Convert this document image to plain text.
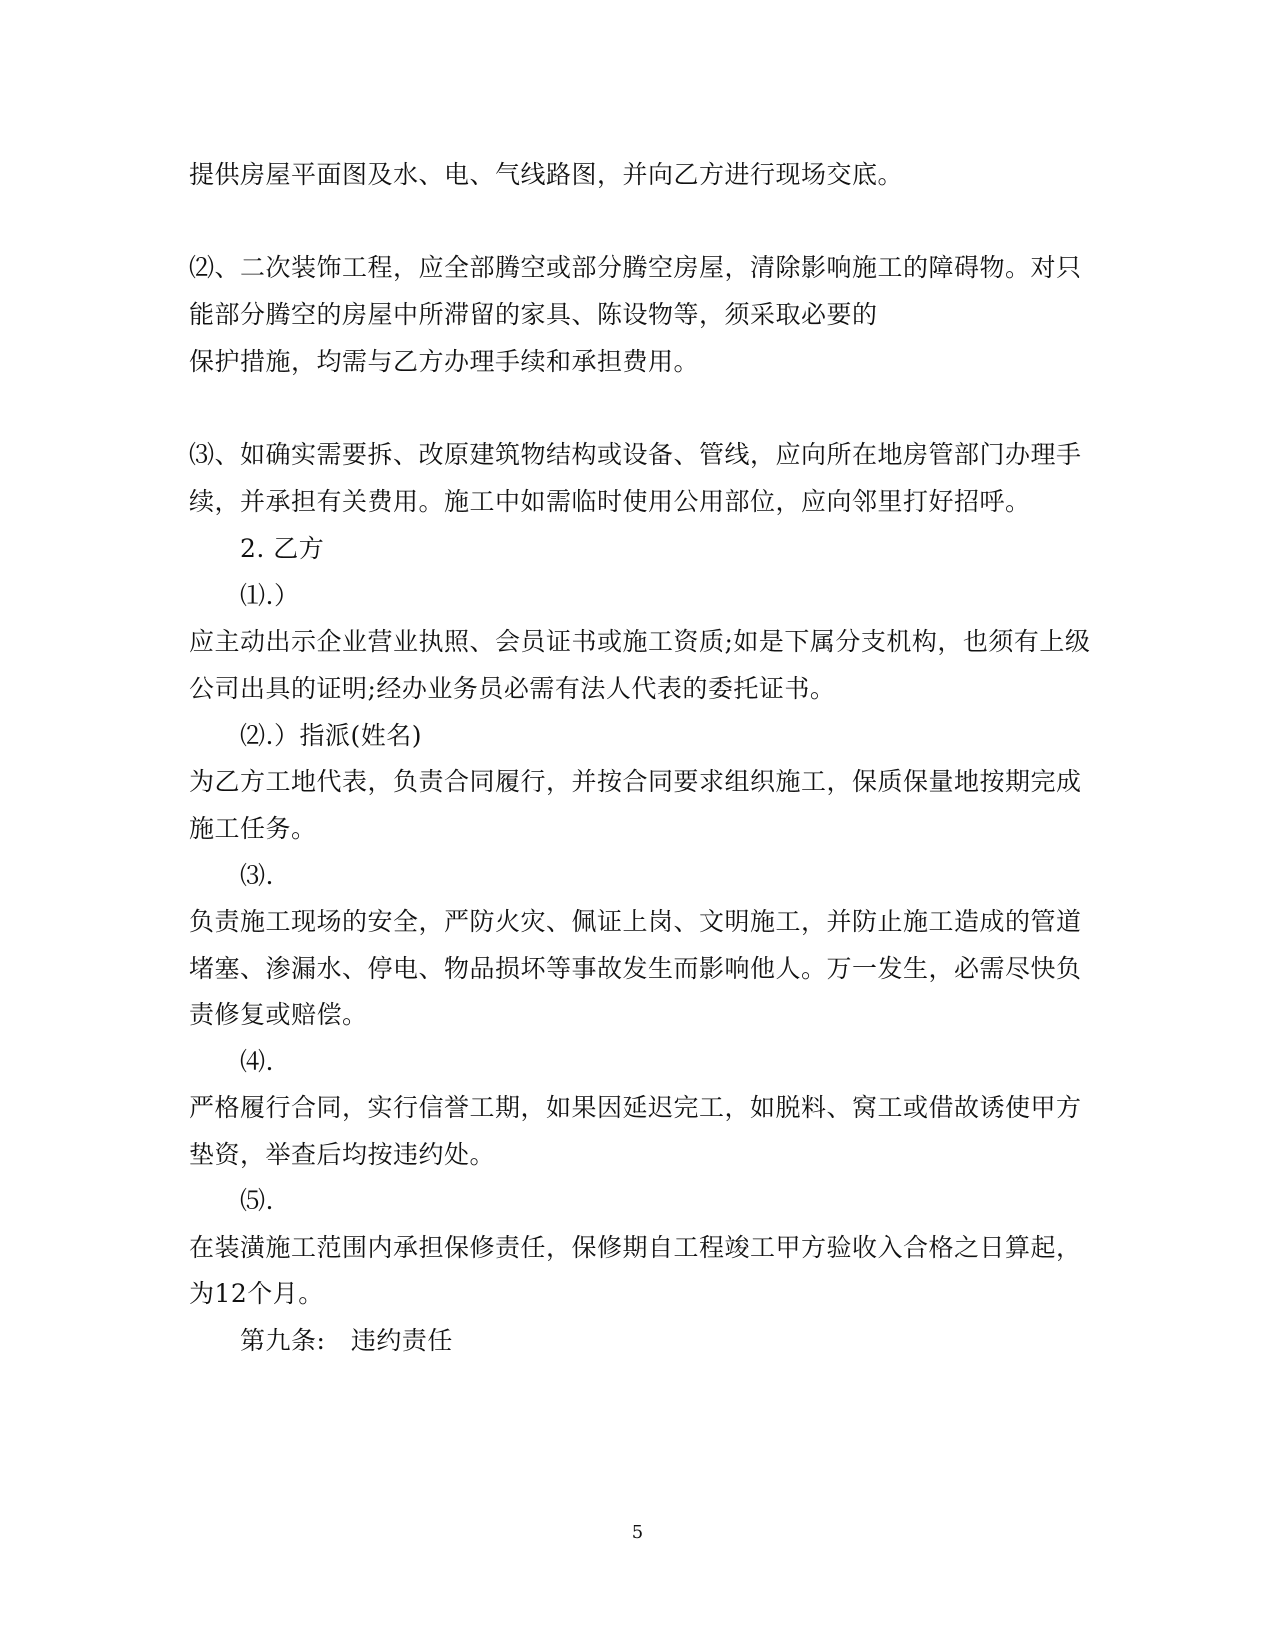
提供房屋平面图及水、电、气线路图，并向乙方进行现场交底。
⑵、二次装饰工程，应全部腾空或部分腾空房屋，清除影响施工的障碍物。对只
能部分腾空的房屋中所滞留的家具、陈设物等，须采取必要的
保护措施，均需与乙方办理手续和承担费用。
⑶、如确实需要拆、改原建筑物结构或设备、管线，应向所在地房管部门办理手
续，并承担有关费用。施工中如需临时使用公用部位，应向邻里打好招呼。
2. 乙方
⑴.）
应主动出示企业营业执照、会员证书或施工资质;如是下属分支机构，也须有上级
公司出具的证明;经办业务员必需有法人代表的委托证书。
⑵.）指派(姓名)
为乙方工地代表，负责合同履行，并按合同要求组织施工，保质保量地按期完成
施工任务。
⑶.
负责施工现场的安全，严防火灾、佩证上岗、文明施工，并防止施工造成的管道
堵塞、渗漏水、停电、物品损坏等事故发生而影响他人。万一发生，必需尽快负
责修复或赔偿。
⑷.
严格履行合同，实行信誉工期，如果因延迟完工，如脱料、窝工或借故诱使甲方
垫资，举查后均按违约处。
⑸.
在装潢施工范围内承担保修责任，保修期自工程竣工甲方验收入合格之日算起，
为12个月。
第九条:　违约责任
5
